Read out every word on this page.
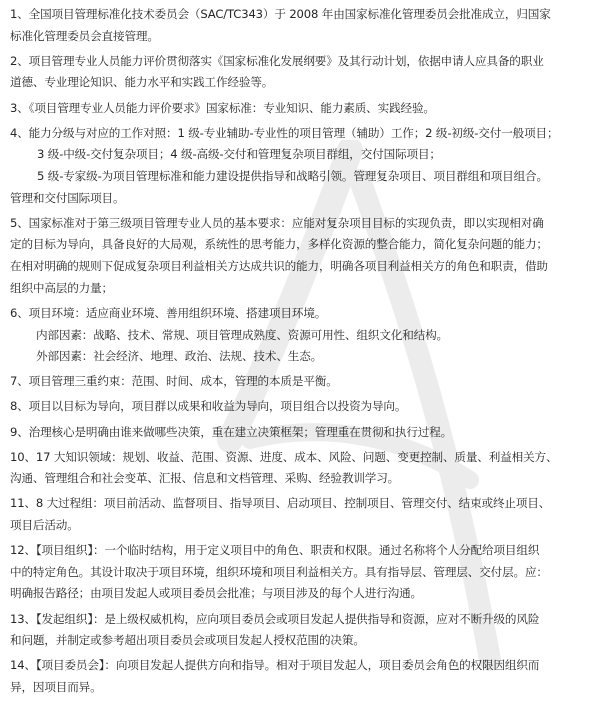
1、全国项目管理标准化技术委员会（SAC/TC343）于 2008 年由国家标准化管理委员会批准成立，归国家
标准化管理委员会直接管理。
2、项目管理专业人员能力评价贯彻落实《国家标准化发展纲要》及其行动计划，依据申请人应具备的职业
道德、专业理论知识、能力水平和实践工作经验等。
3、《项目管理专业人员能力评价要求》国家标准：专业知识、能力素质、实践经验。
4、能力分级与对应的工作对照：1 级-专业辅助-专业性的项目管理（辅助）工作；2 级-初级-交付一般项目；
3 级-中级-交付复杂项目；4 级-高级-交付和管理复杂项目群组，交付国际项目；
5 级-专家级-为项目管理标准和能力建设提供指导和战略引领。管理复杂项目、项目群组和项目组合。
管理和交付国际项目。
5、国家标准对于第三级项目管理专业人员的基本要求：应能对复杂项目目标的实现负责，即以实现相对确
定的目标为导向，具备良好的大局观，系统性的思考能力，多样化资源的整合能力，简化复杂问题的能力；
在相对明确的规则下促成复杂项目利益相关方达成共识的能力，明确各项目利益相关方的角色和职责，借助
组织中高层的力量；
6、项目环境：适应商业环境、善用组织环境、搭建项目环境。
内部因素：战略、技术、常规、项目管理成熟度、资源可用性、组织文化和结构。
外部因素：社会经济、地理、政治、法规、技术、生态。
7、项目管理三重约束：范围、时间、成本，管理的本质是平衡。
8、项目以目标为导向，项目群以成果和收益为导向，项目组合以投资为导向。
9、治理核心是明确由谁来做哪些决策，重在建立决策框架；管理重在贯彻和执行过程。
10、17 大知识领域：规划、收益、范围、资源、进度、成本、风险、问题、变更控制、质量、利益相关方、
沟通、管理组合和社会变革、汇报、信息和文档管理、采购、经验教训学习。
11、8 大过程组：项目前活动、监督项目、指导项目、启动项目、控制项目、管理交付、结束或终止项目、
项目后活动。
12、【项目组织】：一个临时结构，用于定义项目中的角色、职责和权限。通过名称将个人分配给项目组织
中的特定角色。其设计取决于项目环境，组织环境和项目利益相关方。具有指导层、管理层、交付层。应：
明确报告路径；由项目发起人或项目委员会批准；与项目涉及的每个人进行沟通。
13、【发起组织】：是上级权威机构，应向项目委员会或项目发起人提供指导和资源，应对不断升级的风险
和问题，并制定或参考超出项目委员会或项目发起人授权范围的决策。
14、【项目委员会】：向项目发起人提供方向和指导。相对于项目发起人，项目委员会角色的权限因组织而
异，因项目而异。
